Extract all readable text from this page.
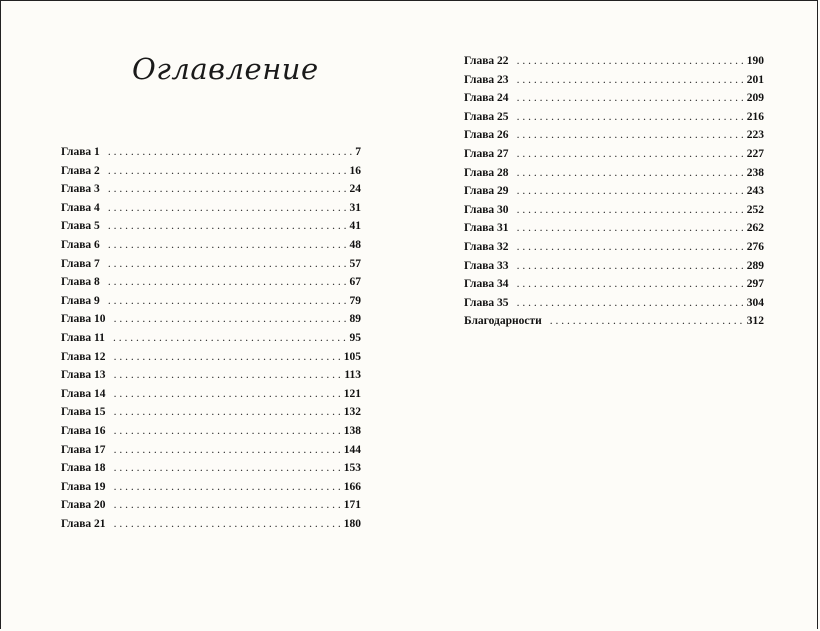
Оглавление
Глава 1 . . .	7
Глава 2 . . .	16
Глава 3 . . .	24
Глава 4 . . .	31
Глава 5 . . .	41
Глава 6 . . .	48
Глава 7 . . .	57
Глава 8 . . .	67
Глава 9 . . .	79
Глава 10 . . .	89
Глава 11 . . .	95
Глава 12 . . .	105
Глава 13 . . .	113
Глава 14 . . .	121
Глава 15 . . .	132
Глава 16 . . .	138
Глава 17 . . .	144
Глава 18 . . .	153
Глава 19 . . .	166
Глава 20 . . .	171
Глава 21 . . .	180
Глава 22 . . .	190
Глава 23 . . .	201
Глава 24 . . .	209
Глава 25 . . .	216
Глава 26 . . .	223
Глава 27 . . .	227
Глава 28 . . .	238
Глава 29 . . .	243
Глава 30 . . .	252
Глава 31 . . .	262
Глава 32 . . .	276
Глава 33 . . .	289
Глава 34 . . .	297
Глава 35 . . .	304
Благодарности . . .	312
